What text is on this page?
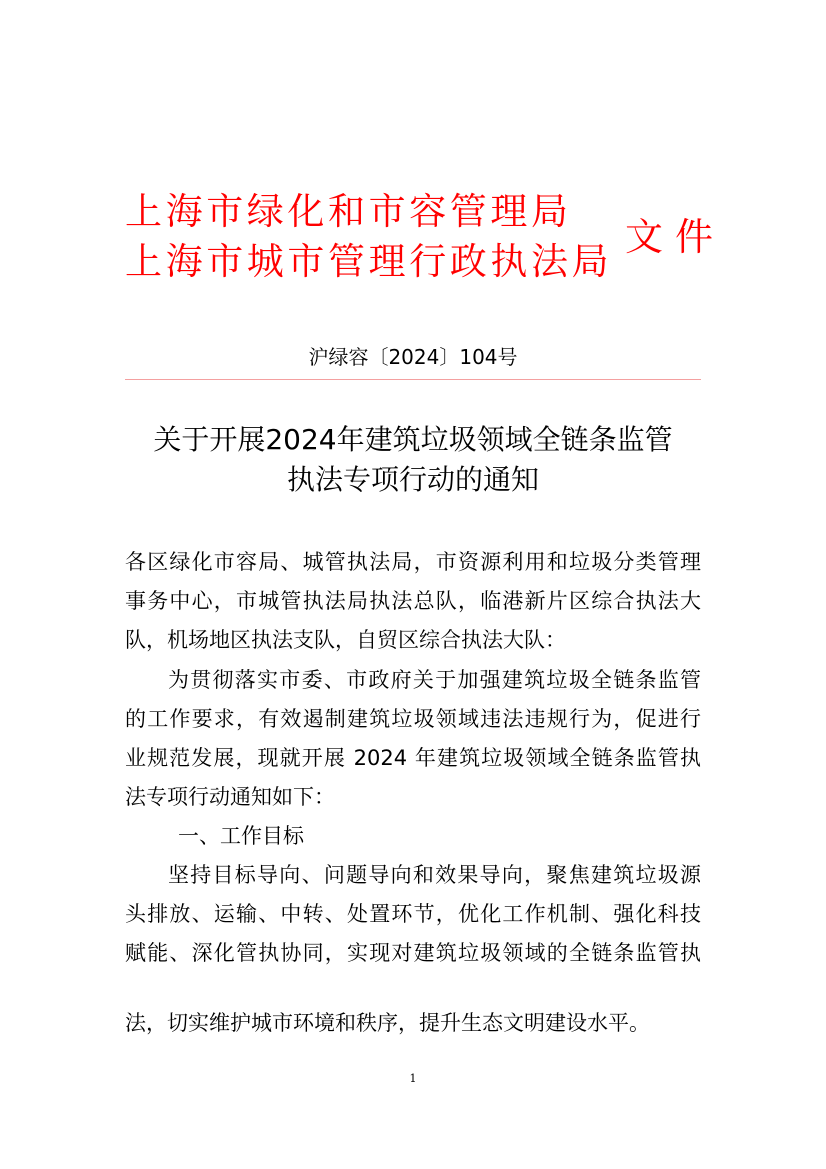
上海市绿化和市容管理局
上海市城市管理行政执法局
文件
沪绿容〔2024〕104号
关于开展2024年建筑垃圾领域全链条监管
执法专项行动的通知
各区绿化市容局、城管执法局，市资源利用和垃圾分类管理
事务中心，市城管执法局执法总队，临港新片区综合执法大
队，机场地区执法支队，自贸区综合执法大队：
为贯彻落实市委、市政府关于加强建筑垃圾全链条监管
的工作要求，有效遏制建筑垃圾领域违法违规行为，促进行
业规范发展，现就开展 2024 年建筑垃圾领域全链条监管执
法专项行动通知如下：
一、工作目标
坚持目标导向、问题导向和效果导向，聚焦建筑垃圾源
头排放、运输、中转、处置环节，优化工作机制、强化科技
赋能、深化管执协同，实现对建筑垃圾领域的全链条监管执
法，切实维护城市环境和秩序，提升生态文明建设水平。
1
